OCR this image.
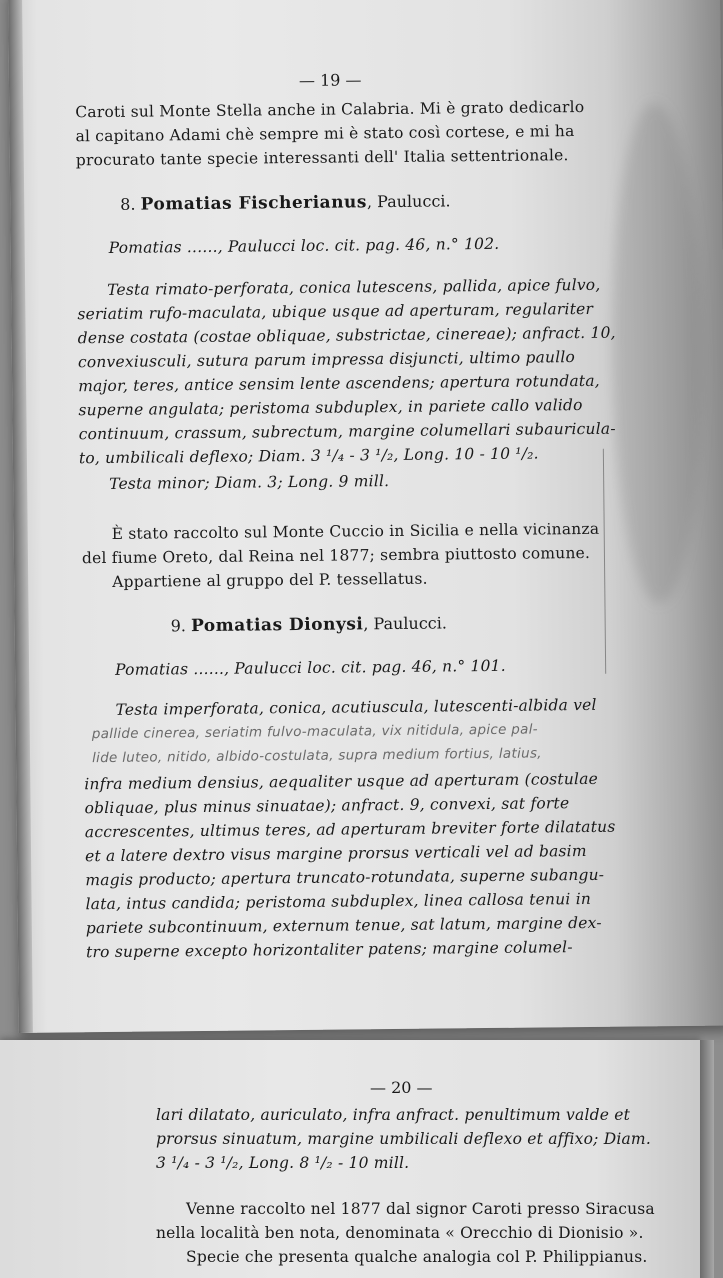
— 19 —
Caroti sul Monte Stella anche in Calabria. Mi è grato dedicarlo
al capitano Adami chè sempre mi è stato così cortese, e mi ha
procurato tante specie interessanti dell' Italia settentrionale.
8. Pomatias Fischerianus, Paulucci.
Pomatias ......, Paulucci loc. cit. pag. 46, n.° 102.
Testa rimato-perforata, conica lutescens, pallida, apice fulvo,
seriatim rufo-maculata, ubique usque ad aperturam, regulariter
dense costata (costae obliquae, substrictae, cinereae); anfract. 10,
convexiusculi, sutura parum impressa disjuncti, ultimo paullo
major, teres, antice sensim lente ascendens; apertura rotundata,
superne angulata; peristoma subduplex, in pariete callo valido
continuum, crassum, subrectum, margine columellari subauricula-
to, umbilicali deflexo; Diam. 3 ¹/₄ - 3 ¹/₂, Long. 10 - 10 ¹/₂.
Testa minor; Diam. 3; Long. 9 mill.
È stato raccolto sul Monte Cuccio in Sicilia e nella vicinanza
del fiume Oreto, dal Reina nel 1877; sembra piuttosto comune.
Appartiene al gruppo del P. tessellatus.
9. Pomatias Dionysi, Paulucci.
Pomatias ......, Paulucci loc. cit. pag. 46, n.° 101.
Testa imperforata, conica, acutiuscula, lutescenti-albida vel
pallide cinerea, seriatim fulvo-maculata, vix nitidula, apice pal-
lide luteo, nitido, albido-costulata, supra medium fortius, latius,
infra medium densius, aequaliter usque ad aperturam (costulae
obliquae, plus minus sinuatae); anfract. 9, convexi, sat forte
accrescentes, ultimus teres, ad aperturam breviter forte dilatatus
et a latere dextro visus margine prorsus verticali vel ad basim
magis producto; apertura truncato-rotundata, superne subangu-
lata, intus candida; peristoma subduplex, linea callosa tenui in
pariete subcontinuum, externum tenue, sat latum, margine dex-
tro superne excepto horizontaliter patens; margine columel-
— 20 —
lari dilatato, auriculato, infra anfract. penultimum valde et
prorsus sinuatum, margine umbilicali deflexo et affixo; Diam.
3 ¹/₄ - 3 ¹/₂, Long. 8 ¹/₂ - 10 mill.
Venne raccolto nel 1877 dal signor Caroti presso Siracusa
nella località ben nota, denominata « Orecchio di Dionisio ».
Specie che presenta qualche analogia col P. Philippianus.
